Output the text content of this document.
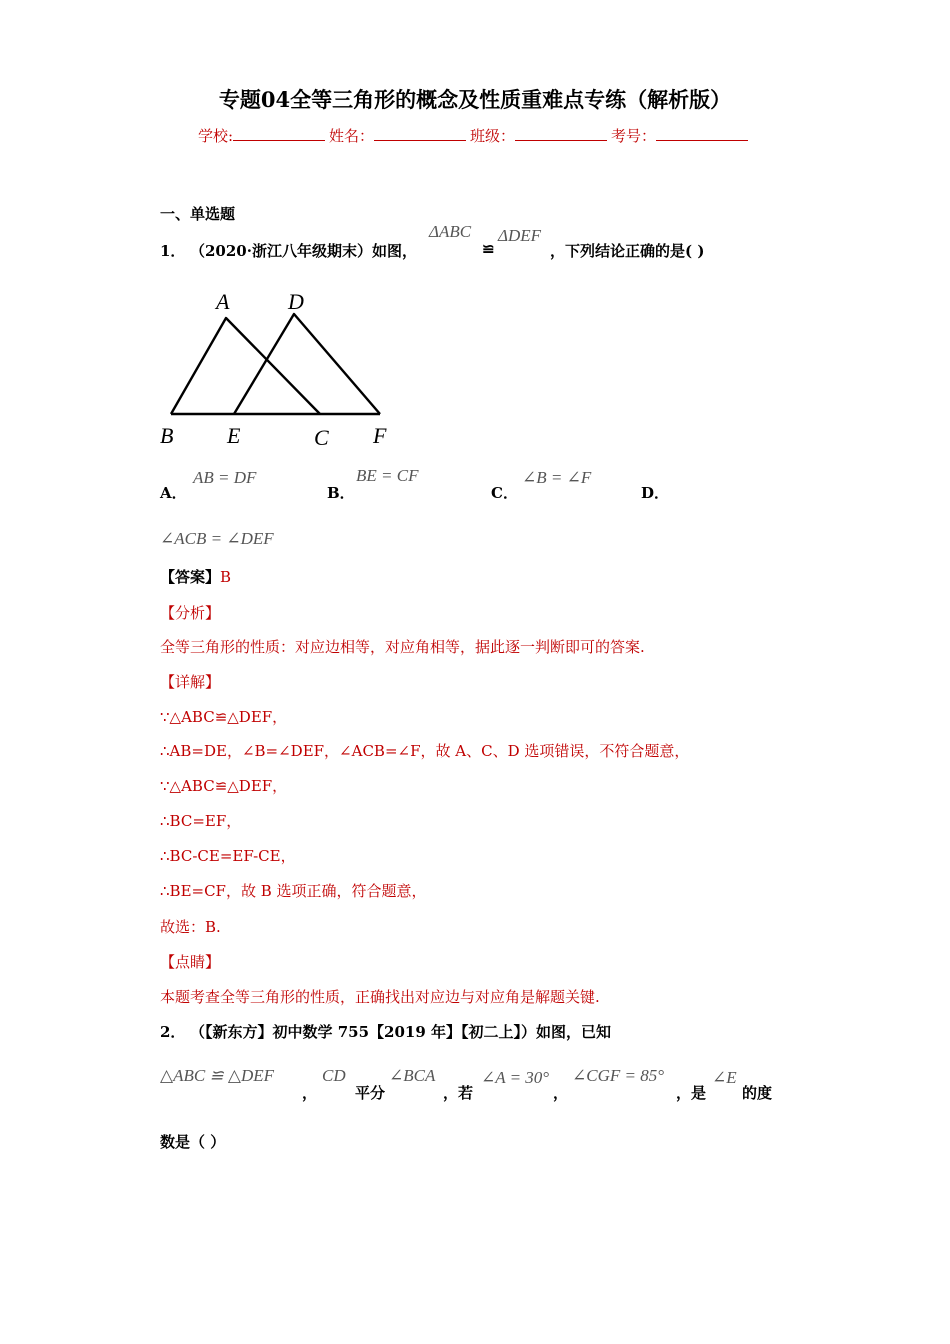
专题04全等三角形的概念及性质重难点专练（解析版）
学校:	姓名：	班级：	考号：
一、单选题
1． （2020·浙江八年级期末）如图，
ΔABC
≌
ΔDEF
，下列结论正确的是( )
A	D
B E	C F
A．
AB = DF
B．
BE = CF
C．
∠B = ∠F
D．
∠ACB = ∠DEF
【答案】B
【分析】
全等三角形的性质：对应边相等，对应角相等，据此逐一判断即可的答案.
【详解】
∵△ABC≌△DEF，
∴AB=DE，∠B=∠DEF，∠ACB=∠F，故 A、C、D 选项错误，不符合题意，
∵△ABC≌△DEF，
∴BC=EF，
∴BC-CE=EF-CE，
∴BE=CF，故 B 选项正确，符合题意，
故选：B.
【点睛】
本题考查全等三角形的性质，正确找出对应边与对应角是解题关键.
2． （【新东方】初中数学 755【2019 年】【初二上】）如图，已知
△ABC ≌ △DEF
，
CD
平分
∠BCA
，若
∠A = 30°
，
∠CGF = 85°
，是
∠E
的度
数是（ ）
